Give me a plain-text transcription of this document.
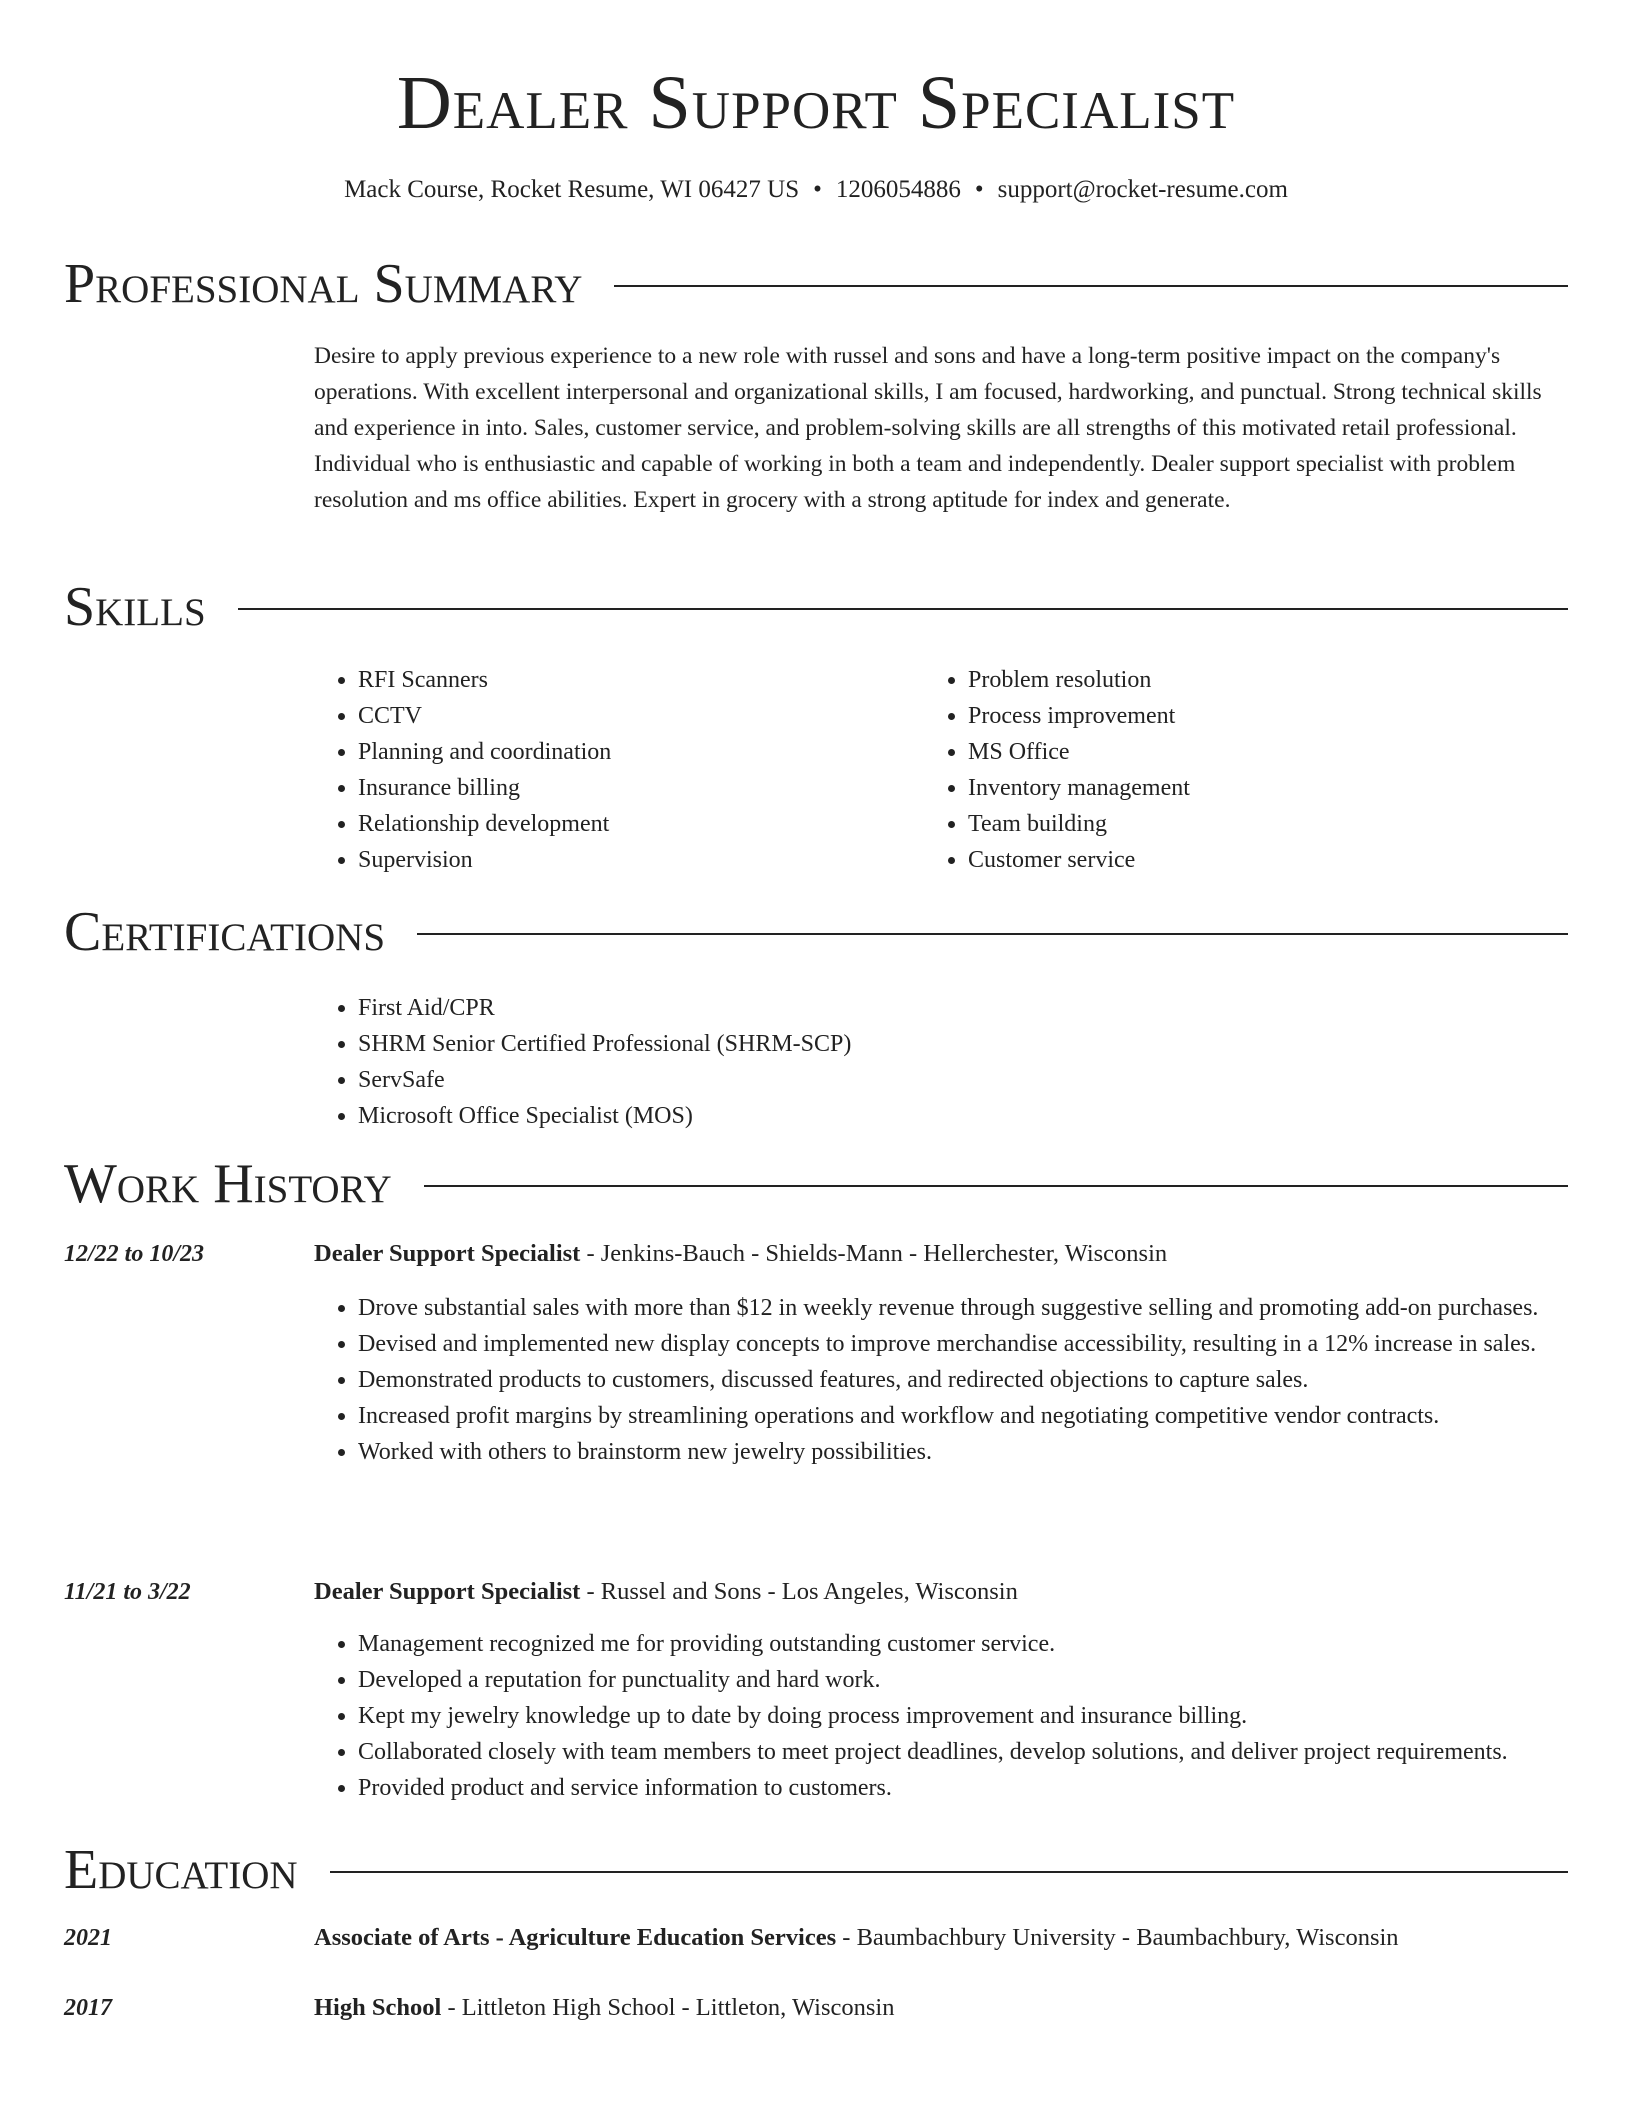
Dealer Support Specialist
Mack Course, Rocket Resume, WI 06427 US • 1206054886 • support@rocket-resume.com
Professional Summary

Desire to apply previous experience to a new role with russel and sons and have a long-term positive impact on the company's operations. With excellent interpersonal and organizational skills, I am focused, hardworking, and punctual. Strong technical skills and experience in into. Sales, customer service, and problem-solving skills are all strengths of this motivated retail professional. Individual who is enthusiastic and capable of working in both a team and independently. Dealer support specialist with problem resolution and ms office abilities. Expert in grocery with a strong aptitude for index and generate.

Skills
• RFI Scanners
• CCTV
• Planning and coordination
• Insurance billing
• Relationship development
• Supervision
• Problem resolution
• Process improvement
• MS Office
• Inventory management
• Team building
• Customer service
Certifications
• First Aid/CPR
• SHRM Senior Certified Professional (SHRM-SCP)
• ServSafe
• Microsoft Office Specialist (MOS)
Work History
12/22 to 10/23	Dealer Support Specialist - Jenkins-Bauch - Shields-Mann - Hellerchester, Wisconsin
• Drove substantial sales with more than $12 in weekly revenue through suggestive selling and promoting add-on purchases.
• Devised and implemented new display concepts to improve merchandise accessibility, resulting in a 12% increase in sales.
• Demonstrated products to customers, discussed features, and redirected objections to capture sales.
• Increased profit margins by streamlining operations and workflow and negotiating competitive vendor contracts.
• Worked with others to brainstorm new jewelry possibilities.
11/21 to 3/22	Dealer Support Specialist - Russel and Sons - Los Angeles, Wisconsin
• Management recognized me for providing outstanding customer service.
• Developed a reputation for punctuality and hard work.
• Kept my jewelry knowledge up to date by doing process improvement and insurance billing.
• Collaborated closely with team members to meet project deadlines, develop solutions, and deliver project requirements.
• Provided product and service information to customers.
Education
2021	Associate of Arts - Agriculture Education Services - Baumbachbury University - Baumbachbury, Wisconsin
2017	High School - Littleton High School - Littleton, Wisconsin
